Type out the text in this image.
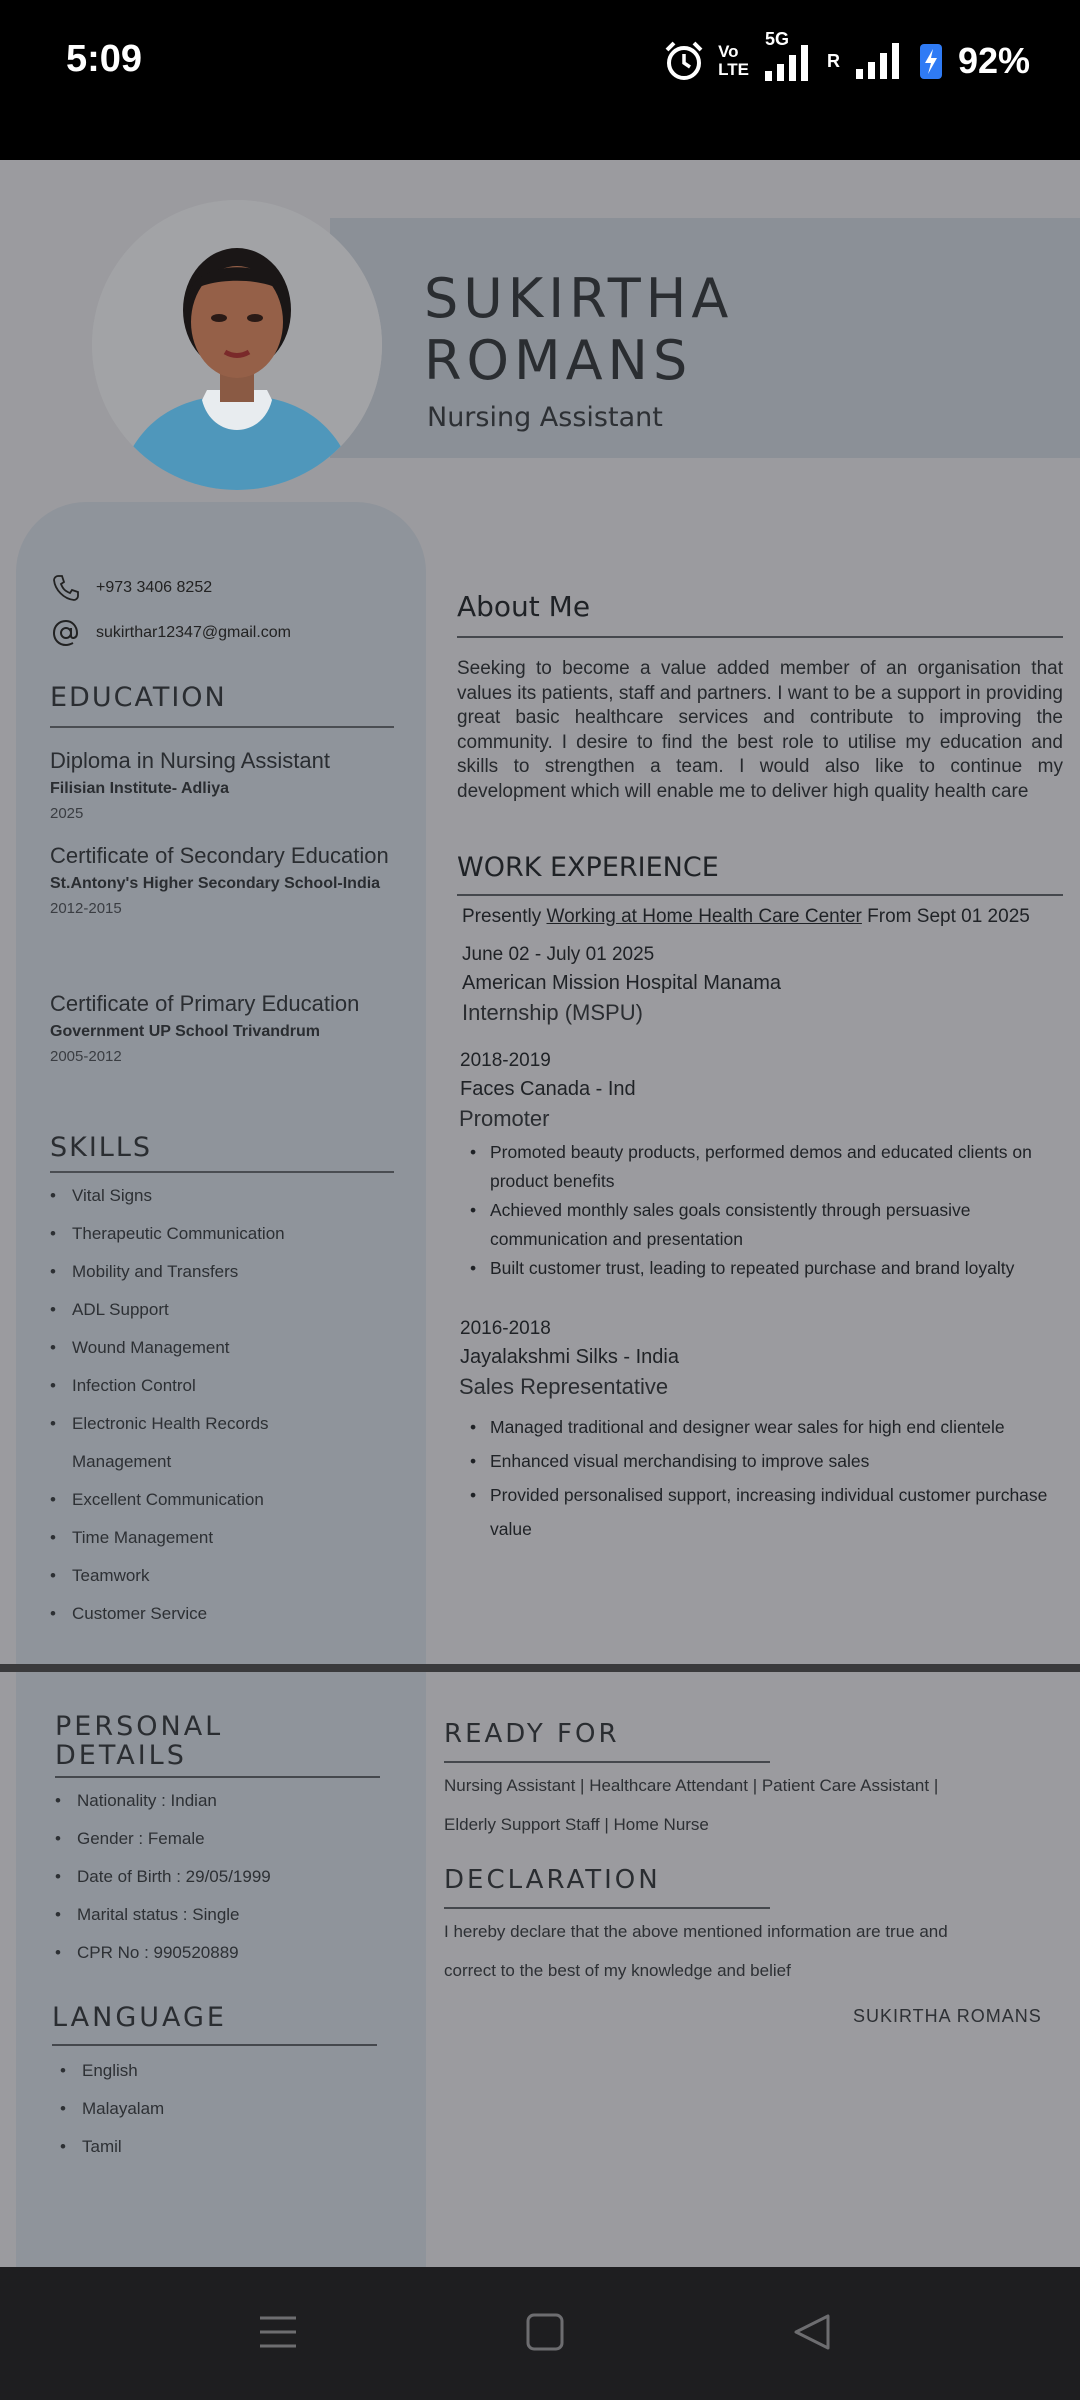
5:09	Vo
LTE
5G
R	92%
SUKIRTHA
ROMANS
Nursing Assistant
+973 3406 8252
sukirthar12347@gmail.com
EDUCATION
Diploma in Nursing Assistant
Filisian Institute- Adliya
2025
Certificate of Secondary Education
St.Antony's Higher Secondary School-India
2012-2015
Certificate of Primary Education
Government UP School Trivandrum
2005-2012
SKILLS
• Vital Signs
• Therapeutic Communication
• Mobility and Transfers
• ADL Support
• Wound Management
• Infection Control
• Electronic Health Records Management
• Excellent Communication
• Time Management
• Teamwork
• Customer Service
About Me
Seeking to become a value added member of an organisation that values its patients, staff and partners. I want to be a support in providing great basic healthcare services and contribute to improving the community. I desire to find the best role to utilise my education and skills to strengthen a team. I would also like to continue my development which will enable me to deliver high quality health care
WORK EXPERIENCE
Presently Working at Home Health Care Center From Sept 01 2025
June 02 - July 01 2025
American Mission Hospital Manama
Internship (MSPU)
2018-2019
Faces Canada - Ind
Promoter
• Promoted beauty products, performed demos and educated clients on product benefits
• Achieved monthly sales goals consistently through persuasive communication and presentation
• Built customer trust, leading to repeated purchase and brand loyalty
2016-2018
Jayalakshmi Silks - India
Sales Representative
• Managed traditional and designer wear sales for high end clientele
• Enhanced visual merchandising to improve sales
• Provided personalised support, increasing individual customer purchase value
PERSONAL
DETAILS
• Nationality : Indian
• Gender : Female
• Date of Birth : 29/05/1999
• Marital status : Single
• CPR No : 990520889
LANGUAGE
• English
• Malayalam
• Tamil
READY FOR
Nursing Assistant | Healthcare Attendant | Patient Care Assistant |
Elderly Support Staff | Home Nurse
DECLARATION
I hereby declare that the above mentioned information are true and
correct to the best of my knowledge and belief
SUKIRTHA ROMANS
